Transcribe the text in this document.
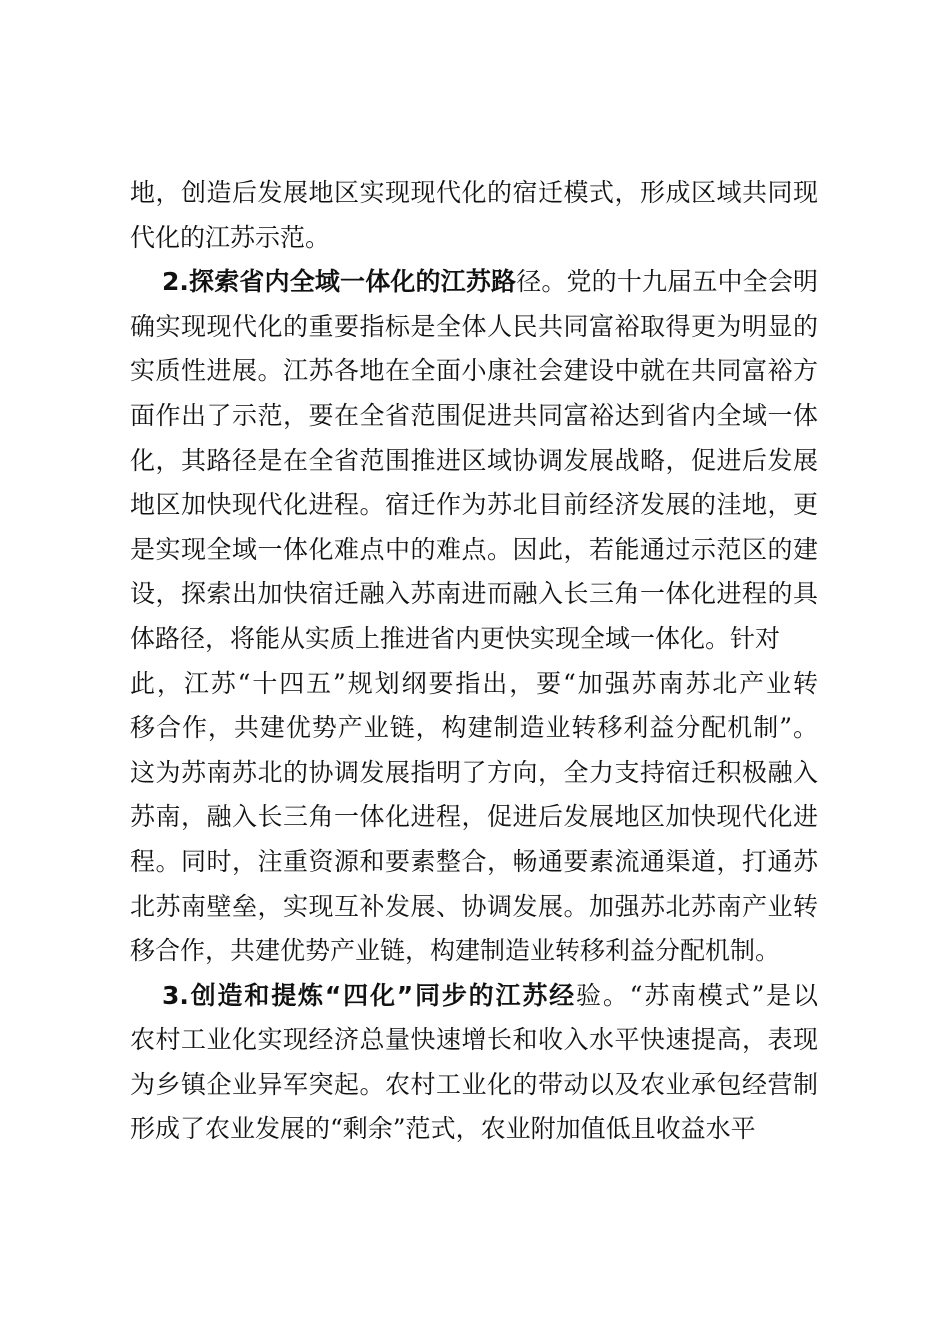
地，创造后发展地区实现现代化的宿迁模式，形成区域共同现
代化的江苏示范。
2.探索省内全域一体化的江苏路径。党的十九届五中全会明
确实现现代化的重要指标是全体人民共同富裕取得更为明显的
实质性进展。江苏各地在全面小康社会建设中就在共同富裕方
面作出了示范，要在全省范围促进共同富裕达到省内全域一体
化，其路径是在全省范围推进区域协调发展战略，促进后发展
地区加快现代化进程。宿迁作为苏北目前经济发展的洼地，更
是实现全域一体化难点中的难点。因此，若能通过示范区的建
设，探索出加快宿迁融入苏南进而融入长三角一体化进程的具
体路径，将能从实质上推进省内更快实现全域一体化。针对
此，江苏“十四五”规划纲要指出，要“加强苏南苏北产业转
移合作，共建优势产业链，构建制造业转移利益分配机制”。
这为苏南苏北的协调发展指明了方向，全力支持宿迁积极融入
苏南，融入长三角一体化进程，促进后发展地区加快现代化进
程。同时，注重资源和要素整合，畅通要素流通渠道，打通苏
北苏南壁垒，实现互补发展、协调发展。加强苏北苏南产业转
移合作，共建优势产业链，构建制造业转移利益分配机制。
3.创造和提炼“四化”同步的江苏经验。“苏南模式”是以
农村工业化实现经济总量快速增长和收入水平快速提高，表现
为乡镇企业异军突起。农村工业化的带动以及农业承包经营制
形成了农业发展的“剩余”范式，农业附加值低且收益水平
